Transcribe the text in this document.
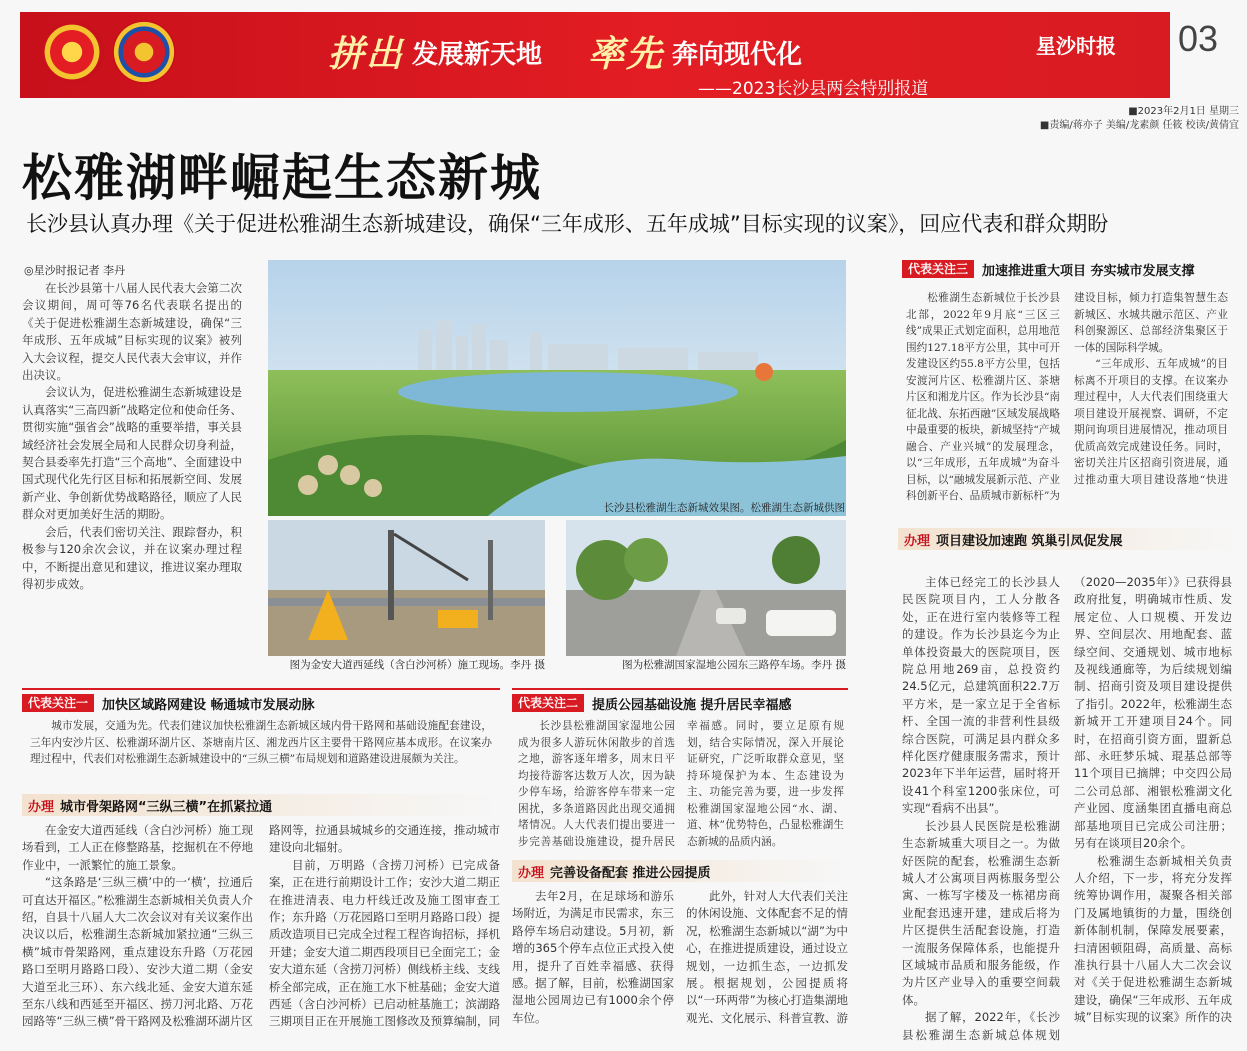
拼出 发展新天地 率先 奔向现代化
——2023长沙县两会特别报道
星沙时报 03
■2023年2月1日 星期三
■责编/蒋亦子 美编/龙素颜 任筱 校读/黄倩宜
松雅湖畔崛起生态新城
长沙县认真办理《关于促进松雅湖生态新城建设，确保“三年成形、五年成城”目标实现的议案》，回应代表和群众期盼
◎星沙时报记者 李丹

在长沙县第十八届人民代表大会第二次会议期间，周可等76名代表联名提出的《关于促进松雅湖生态新城建设，确保“三年成形、五年成城”目标实现的议案》被列入大会议程，提交人民代表大会审议，并作出决议。

会议认为，促进松雅湖生态新城建设是认真落实“三高四新”战略定位和使命任务、贯彻实施“强省会”战略的重要举措，事关县域经济社会发展全局和人民群众切身利益，契合县委率先打造“三个高地”、全面建设中国式现代化先行区目标和拓展新空间、发展新产业、争创新优势战略路径，顺应了人民群众对更加美好生活的期盼。

会后，代表们密切关注、跟踪督办，积极参与120余次会议，并在议案办理过程中，不断提出意见和建议，推进议案办理取得初步成效。

长沙县松雅湖生态新城效果图。松雅湖生态新城供图
图为金安大道西延线（含白沙河桥）施工现场。李丹 摄	图为松雅湖国家湿地公园东三路停车场。李丹 摄
代表关注一	加快区域路网建设 畅通城市发展动脉

城市发展，交通为先。代表们建议加快松雅湖生态新城区域内骨干路网和基础设施配套建设，三年内安沙片区、松雅湖环湖片区、茶塘南片区、湘龙西片区主要骨干路网应基本成形。在议案办理过程中，代表们对松雅湖生态新城建设中的“三纵三横”布局规划和道路建设进展颇为关注。

办理 城市骨架路网“三纵三横”在抓紧拉通

在金安大道西延线（含白沙河桥）施工现场看到，工人正在修整路基，挖掘机在不停地作业中，一派繁忙的施工景象。

“这条路是‘三纵三横’中的一‘横’，拉通后可直达开福区。”松雅湖生态新城相关负责人介绍，自县十八届人大二次会议对有关议案作出决议以后，松雅湖生态新城加紧拉通“三纵三横”城市骨架路网，重点建设东升路（万花园路口至明月路路口段）、安沙大道二期（金安大道至北三环）、东六线北延、金安大道东延至东八线和西延至开福区、捞刀河北路、万花园路等“三纵三横”骨干路网及松雅湖环湖片区路网等，拉通县城城乡的交通连接，推动城市建设向北辐射。

目前，万明路（含捞刀河桥）已完成备案，正在进行前期设计工作；安沙大道二期正在推进清表、电力杆线迁改及施工图审查工作；东升路（万花园路口至明月路路口段）提质改造项目已完成全过程工程咨询招标，择机开建；金安大道二期西段项目已全面完工；金安大道东延（含捞刀河桥）侧线桥主线、支线桥全部完成，正在施工水下桩基础；金安大道西延（含白沙河桥）已启动桩基施工；滨湖路三期项目正在开展施工图修改及预算编制，同

代表关注二	提质公园基础设施 提升居民幸福感

长沙县松雅湖国家湿地公园成为很多人游玩休闲散步的首选之地，游客逐年增多，周末日平均接待游客达数万人次，因为缺少停车场，给游客停车带来一定困扰，多条道路因此出现交通拥堵情况。人大代表们提出要进一步完善基础设施建设，提升居民幸福感。同时，要立足原有规划，结合实际情况，深入开展论证研究，广泛听取群众意见，坚持环境保护为本、生态建设为主、功能完善为要，进一步发挥松雅湖国家湿地公园“水、湖、道、林”优势特色，凸显松雅湖生态新城的品质内涵。

办理 完善设备配套 推进公园提质

去年2月，在足球场和游乐场附近，为满足市民需求，东三路停车场启动建设。5月初，新增的365个停车点位正式投入使用，提升了百姓幸福感、获得感。据了解，目前，松雅湖国家湿地公园周边已有1000余个停车位。

此外，针对人大代表们关注的休闲设施、文体配套不足的情况，松雅湖生态新城以“湖”为中心，在推进提质建设，通过设立规划，一边抓生态，一边抓发展。根据规划，公园提质将以“一环两带”为核心打造集湖地观光、文化展示、科普宣教、游

代表关注三	加速推进重大项目 夯实城市发展支撑

松雅湖生态新城位于长沙县北部，2022年9月底“三区三线”成果正式划定面积，总用地范围约127.18平方公里，其中可开发建设区约55.8平方公里，包括安渡河片区、松雅湖片区、茶塘片区和湘龙片区。作为长沙县“南征北战、东拓西融”区域发展战略中最重要的板块，新城坚持“产城融合、产业兴城”的发展理念，以“三年成形，五年成城”为奋斗目标，以“融城发展新示范、产业科创新平台、品质城市新标杆”为建设目标，倾力打造集智慧生态新城区、水城共融示范区、产业科创聚源区、总部经济集聚区于一体的国际科学城。

“三年成形、五年成城”的目标离不开项目的支撑。在议案办理过程中，人大代表们围绕重大项目建设开展视察、调研，不定期问询项目进展情况，推动项目优质高效完成建设任务。同时，密切关注片区招商引资进展，通过推动重大项目建设落地“快进

办理 项目建设加速跑 筑巢引凤促发展

主体已经完工的长沙县人民医院项目内，工人分散各处，正在进行室内装修等工程的建设。作为长沙县迄今为止单体投资最大的医院项目，医院总用地269亩，总投资约24.5亿元，总建筑面积22.7万平方米，是一家立足于全省标杆、全国一流的非营利性县级综合医院，可满足县内群众多样化医疗健康服务需求，预计2023年下半年运营，届时将开设41个科室1200张床位，可实现“看病不出县”。

长沙县人民医院是松雅湖生态新城重大项目之一。为做好医院的配套，松雅湖生态新城人才公寓项目两栋服务型公寓、一栋写字楼及一栋裙房商业配套迅速开建，建成后将为片区提供生活配套设施，打造一流服务保障体系，也能提升区域城市品质和服务能级，作为片区产业导入的重要空间载体。

据了解，2022年，《长沙县松雅湖生态新城总体规划（2020—2035年）》已获得县政府批复，明确城市性质、发展定位、人口规模、开发边界、空间层次、用地配套、蓝绿空间、交通规划、城市地标及视线通廊等，为后续规划编制、招商引资及项目建设提供了指引。2022年，松雅湖生态新城开工开建项目24个。同时，在招商引资方面，盟新总部、永旺梦乐城、琨基总部等11个项目已摘牌；中交四公局二公司总部、湘银松雅湖文化产业园、度涵集团直播电商总部基地项目已完成公司注册；另有在谈项目20余个。

松雅湖生态新城相关负责人介绍，下一步，将充分发挥统筹协调作用，凝聚各相关部门及属地镇街的力量，围绕创新体制机制，保障发展要素，扫清困顿阻碍，高质量、高标准执行县十八届人大二次会议对《关于促进松雅湖生态新城建设，确保“三年成形、五年成城”目标实现的议案》所作的决
